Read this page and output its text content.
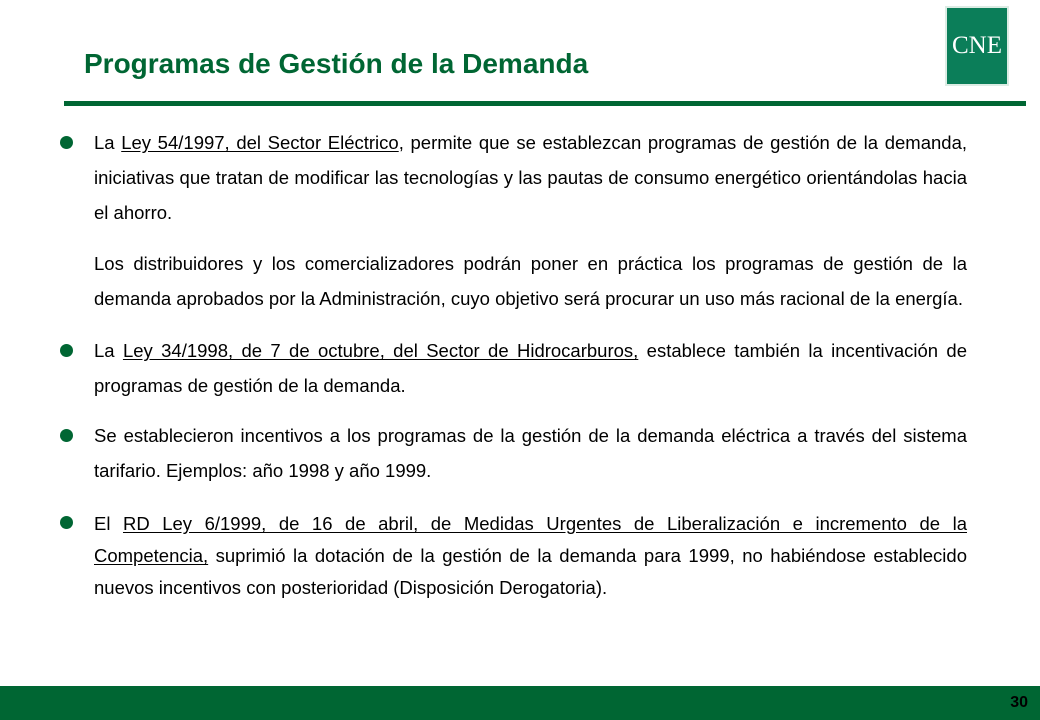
Programas de Gestión de la Demanda
CNE

La Ley 54/1997, del Sector Eléctrico, permite que se establezcan programas de gestión de la demanda, iniciativas que tratan de modificar las tecnologías y las pautas de consumo energético orientándolas hacia el ahorro.

Los distribuidores y los comercializadores podrán poner en práctica los programas de gestión de la demanda aprobados por la Administración, cuyo objetivo será procurar un uso más racional de la energía.

La Ley 34/1998, de 7 de octubre, del Sector de Hidrocarburos, establece también la incentivación de programas de gestión de la demanda.

Se establecieron incentivos a los programas de la gestión de la demanda eléctrica a través del sistema tarifario. Ejemplos: año 1998 y año 1999.

El RD Ley 6/1999, de 16 de abril, de Medidas Urgentes de Liberalización e incremento de la Competencia, suprimió la dotación de la gestión de la demanda para 1999, no habiéndose establecido nuevos incentivos con posterioridad (Disposición Derogatoria).

30
